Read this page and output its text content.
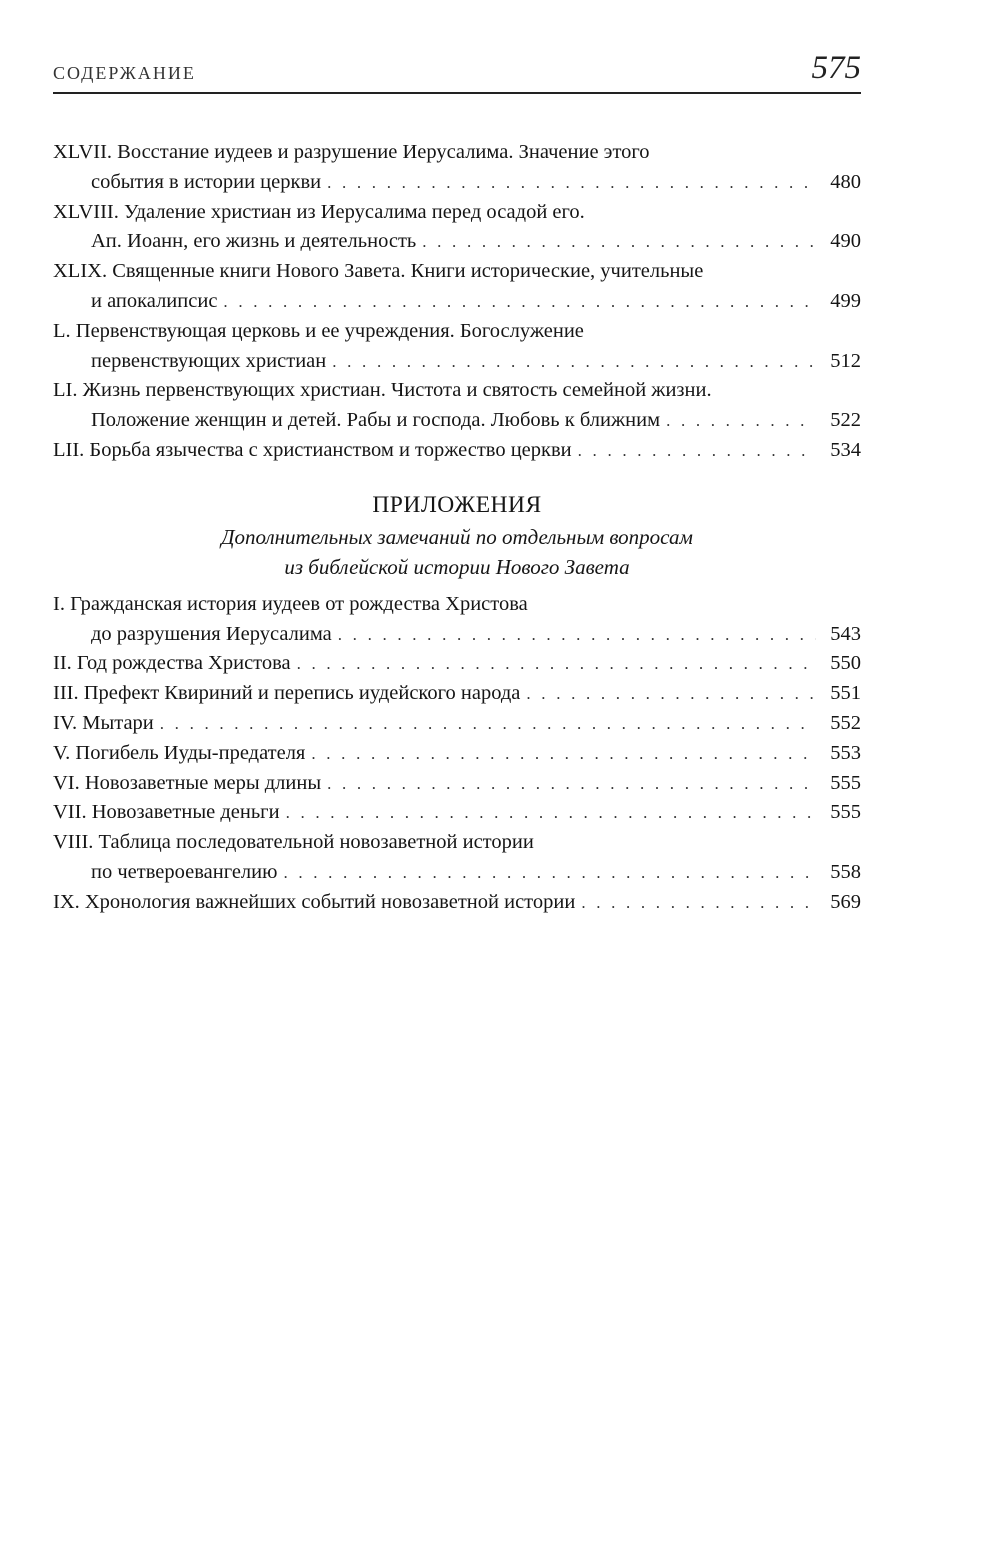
СОДЕРЖАНИЕ	575
XLVII. Восстание иудеев и разрушение Иерусалима. Значение этого
события в истории церкви . . .	480
XLVIII. Удаление христиан из Иерусалима перед осадой его.
Ап. Иоанн, его жизнь и деятельность . . .	490
XLIX. Священные книги Нового Завета. Книги исторические, учительные
и апокалипсис . . .	499
L. Первенствующая церковь и ее учреждения. Богослужение
первенствующих христиан . . .	512
LI. Жизнь первенствующих христиан. Чистота и святость семейной жизни.
Положение женщин и детей. Рабы и господа. Любовь к ближним . . .	522
LII. Борьба язычества с христианством и торжество церкви . . .	534
ПРИЛОЖЕНИЯ
Дополнительных замечаний по отдельным вопросам
из библейской истории Нового Завета
I. Гражданская история иудеев от рождества Христова
до разрушения Иерусалима . . .	543
II. Год рождества Христова . . .	550
III. Префект Квириний и перепись иудейского народа . . .	551
IV. Мытари . . .	552
V. Погибель Иуды-предателя . . .	553
VI. Новозаветные меры длины . . .	555
VII. Новозаветные деньги . . .	555
VIII. Таблица последовательной новозаветной истории
по четвероевангелию . . .	558
IX. Хронология важнейших событий новозаветной истории . . .	569
